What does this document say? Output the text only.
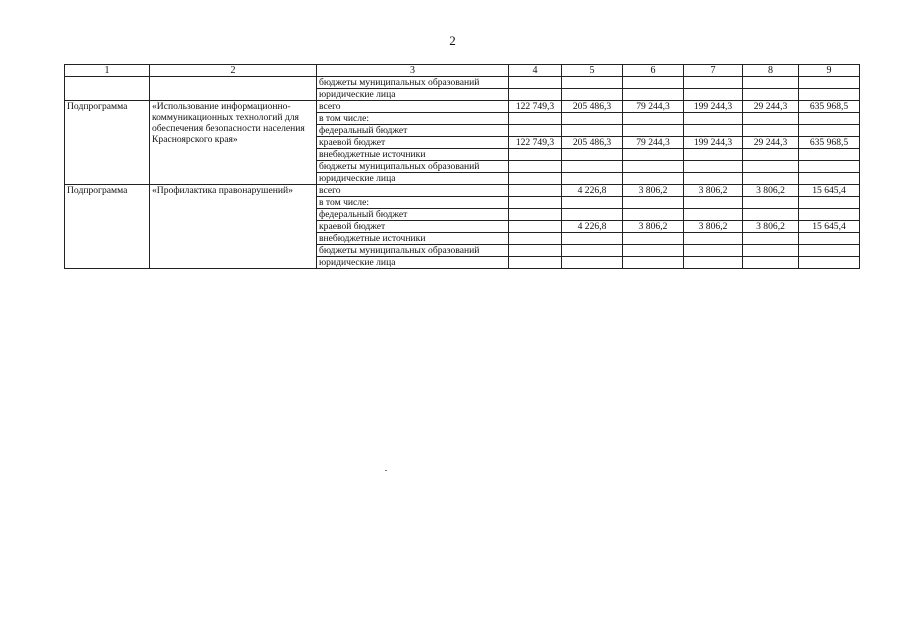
2
1	2	3	4	5	6	7	8	9
		бюджеты муниципальных образований						
		юридические лица						
Подпрограмма	«Использование информационно-коммуникационных технологий для обеспечения безопасности населения Красноярского края»	всего	122 749,3	205 486,3	79 244,3	199 244,3	29 244,3	635 968,5
		в том числе:						
		федеральный бюджет						
		краевой бюджет	122 749,3	205 486,3	79 244,3	199 244,3	29 244,3	635 968,5
		внебюджетные источники						
		бюджеты муниципальных образований						
		юридические лица						
Подпрограмма	«Профилактика правонарушений»	всего		4 226,8	3 806,2	3 806,2	3 806,2	15 645,4
		в том числе:						
		федеральный бюджет						
		краевой бюджет		4 226,8	3 806,2	3 806,2	3 806,2	15 645,4
		внебюджетные источники						
		бюджеты муниципальных образований						
		юридические лица						
